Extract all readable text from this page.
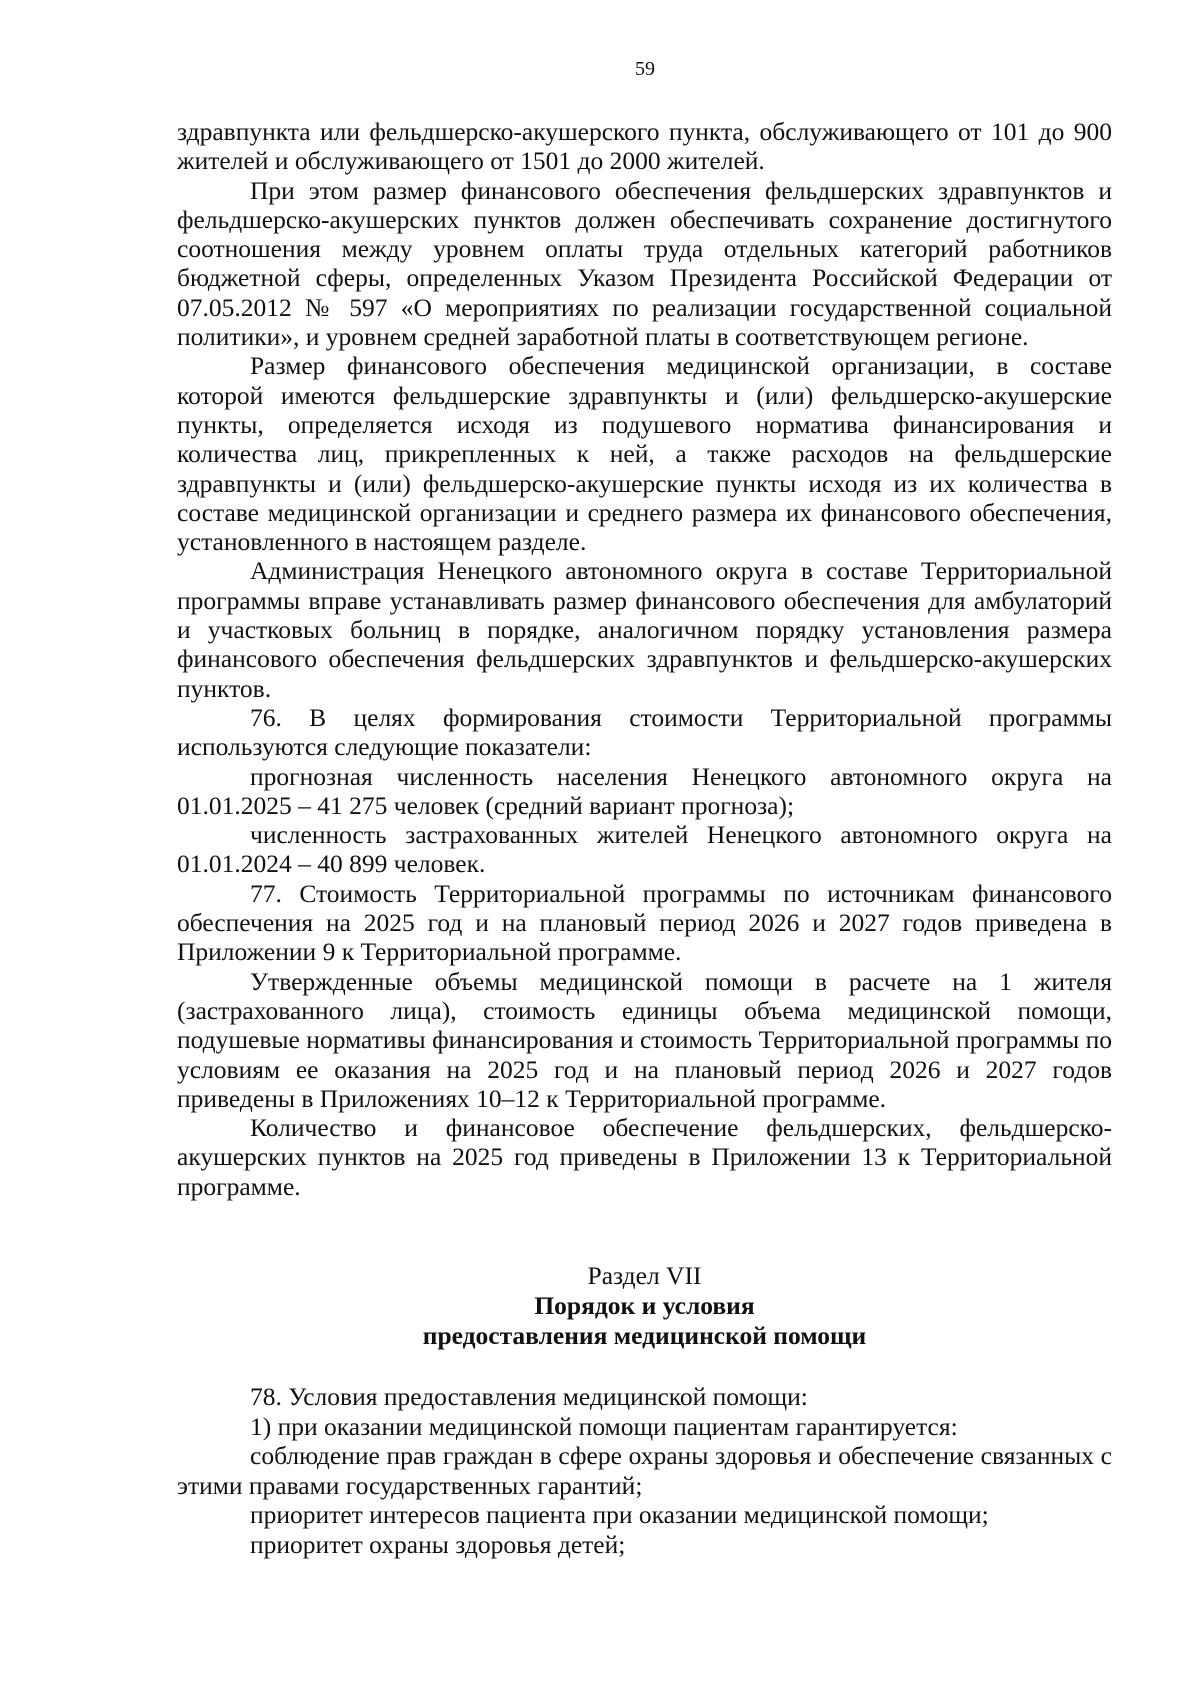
59

здравпункта или фельдшерско-акушерского пункта, обслуживающего от 101 до 900 жителей и обслуживающего от 1501 до 2000 жителей.

При этом размер финансового обеспечения фельдшерских здравпунктов и фельдшерско-акушерских пунктов должен обеспечивать сохранение достигнутого соотношения между уровнем оплаты труда отдельных категорий работников бюджетной сферы, определенных Указом Президента Российской Федерации от 07.05.2012 № 597 «О мероприятиях по реализации государственной социальной политики», и уровнем средней заработной платы в соответствующем регионе.

Размер финансового обеспечения медицинской организации, в составе которой имеются фельдшерские здравпункты и (или) фельдшерско-акушерские пункты, определяется исходя из подушевого норматива финансирования и количества лиц, прикрепленных к ней, а также расходов на фельдшерские здравпункты и (или) фельдшерско-акушерские пункты исходя из их количества в составе медицинской организации и среднего размера их финансового обеспечения, установленного в настоящем разделе.

Администрация Ненецкого автономного округа в составе Территориальной программы вправе устанавливать размер финансового обеспечения для амбулаторий и участковых больниц в порядке, аналогичном порядку установления размера финансового обеспечения фельдшерских здравпунктов и фельдшерско-акушерских пунктов.

76. В целях формирования стоимости Территориальной программы используются следующие показатели:

прогнозная численность населения Ненецкого автономного округа на 01.01.2025 – 41 275 человек (средний вариант прогноза);

численность застрахованных жителей Ненецкого автономного округа на 01.01.2024 – 40 899 человек.

77. Стоимость Территориальной программы по источникам финансового обеспечения на 2025 год и на плановый период 2026 и 2027 годов приведена в Приложении 9 к Территориальной программе.

Утвержденные объемы медицинской помощи в расчете на 1 жителя (застрахованного лица), стоимость единицы объема медицинской помощи, подушевые нормативы финансирования и стоимость Территориальной программы по условиям ее оказания на 2025 год и на плановый период 2026 и 2027 годов приведены в Приложениях 10–12 к Территориальной программе.

Количество и финансовое обеспечение фельдшерских, фельдшерско-акушерских пунктов на 2025 год приведены в Приложении 13 к Территориальной программе.

Раздел VII
Порядок и условия
предоставления медицинской помощи

78. Условия предоставления медицинской помощи:

1) при оказании медицинской помощи пациентам гарантируется:

соблюдение прав граждан в сфере охраны здоровья и обеспечение связанных с этими правами государственных гарантий;

приоритет интересов пациента при оказании медицинской помощи;

приоритет охраны здоровья детей;
